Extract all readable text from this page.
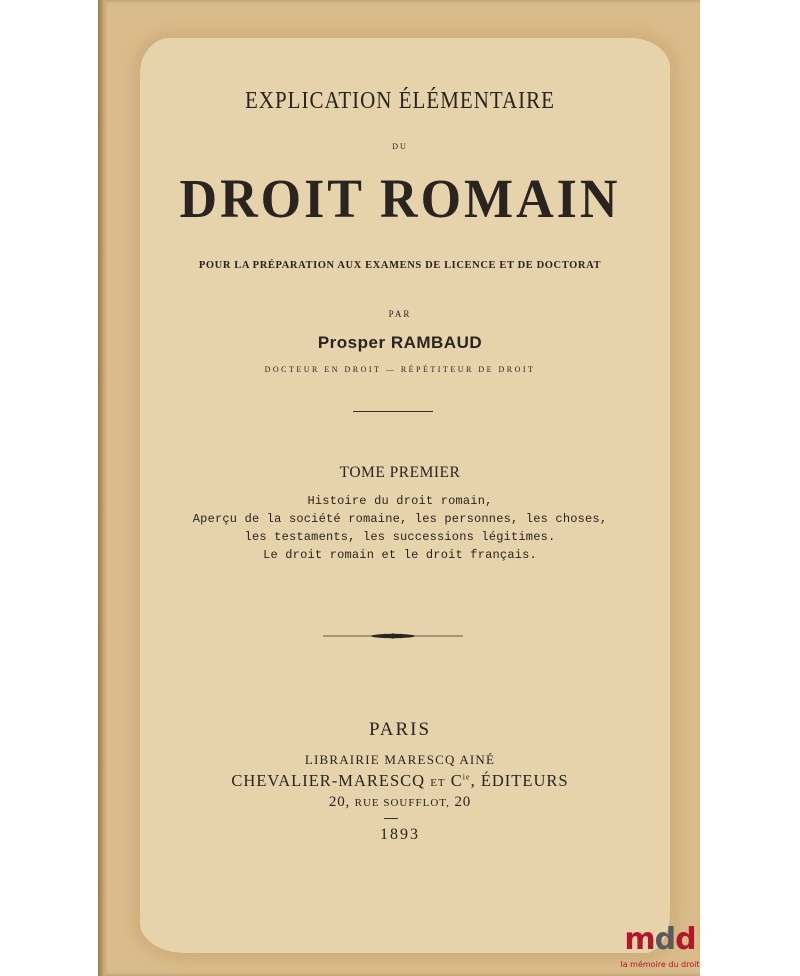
EXPLICATION ÉLÉMENTAIRE
DU
DROIT ROMAIN
POUR LA PRÉPARATION AUX EXAMENS DE LICENCE ET DE DOCTORAT
PAR
Prosper RAMBAUD
DOCTEUR EN DROIT — RÉPÉTITEUR DE DROIT
TOME PREMIER
Histoire du droit romain,
Aperçu de la société romaine, les personnes, les choses,
les testaments, les successions légitimes.
Le droit romain et le droit français.
PARIS
LIBRAIRIE MARESCQ AINÉ
CHEVALIER-MARESCQ ET $C^{ie}$, ÉDITEURS
20, RUE SOUFFLOT, 20
1893
mdd
la mémoire du droit
